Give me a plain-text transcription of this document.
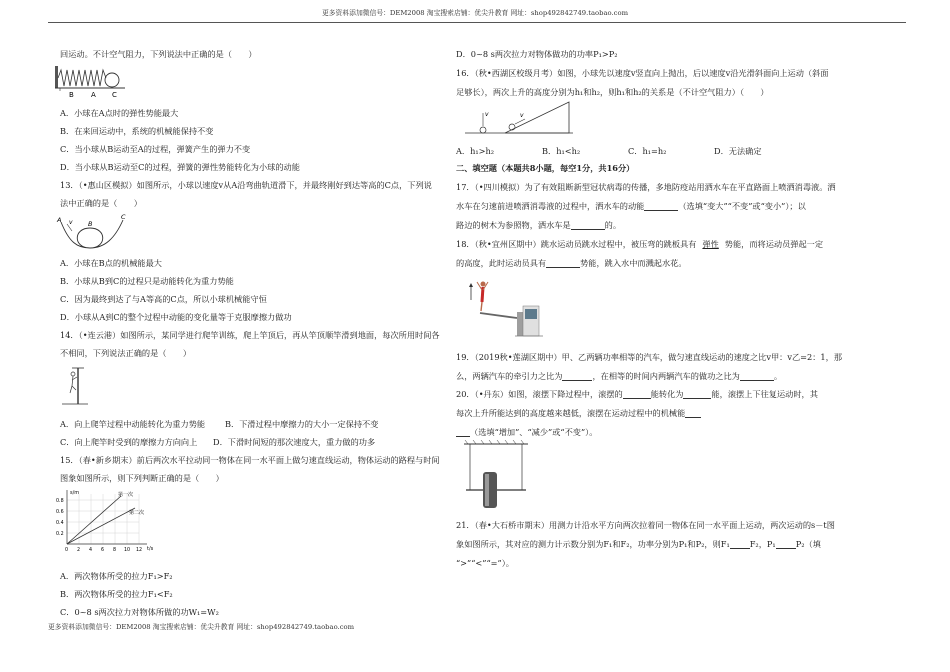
更多资料添加微信号：DEM2008 淘宝搜索店铺：优尖升教育 网址：shop492842749.taobao.com
回运动。不计空气阻力，下列说法中正确的是（　　）
B A C
A．小球在A点时的弹性势能最大
B．在来回运动中，系统的机械能保持不变
C．当小球从B运动至A的过程，弹簧产生的弹力不变
D．当小球从B运动至C的过程，弹簧的弹性势能转化为小球的动能
13．（•惠山区模拟）如图所示，小球以速度v从A沿弯曲轨道滑下，并最终刚好到达等高的C点，下列说
法中正确的是（　　）
A v B
C
A．小球在B点的机械能最大
B．小球从B到C的过程只是动能转化为重力势能
C．因为最终到达了与A等高的C点，所以小球机械能守恒
D．小球从A到C的整个过程中动能的变化量等于克服摩擦力做功
14．（•连云港）如图所示，某同学进行爬竿训练，爬上竿顶后，再从竿顶顺竿滑到地面，每次所用时间各
不相同，下列说法正确的是（　　）
A．向上爬竿过程中动能转化为重力势能 B．下滑过程中摩擦力的大小一定保持不变
C．向上爬竿时受到的摩擦力方向向上 D．下滑时间短的那次速度大，重力做的功多
15．（春•新乡期末）前后两次水平拉动同一物体在同一水平面上做匀速直线运动，物体运动的路程与时间
图象如图所示，则下列判断正确的是（　　）
s/m
t/s
第一次
第二次
0.8
0.6
0.4
0.2
0 2 4 6 8 10 12
A．两次物体所受的拉力F₁>F₂
B．两次物体所受的拉力F₁<F₂
C．0~8 s两次拉力对物体所做的功W₁=W₂
D．0~8 s两次拉力对物体做功的功率P₁>P₂
16．（秋•西湖区校级月考）如图，小球先以速度v竖直向上抛出，后以速度v沿光滑斜面向上运动（斜面
足够长），两次上升的高度分别为h₁和h₂，则h₁和h₂的关系是（不计空气阻力）（　　）
v	v
A．h₁>h₂	B．h₁<h₂	C．h₁=h₂	D．无法确定
二、填空题（本题共8小题，每空1分，共16分）
17．（•四川模拟）为了有效阻断新型冠状病毒的传播，多地防疫站用洒水车在平直路面上喷洒消毒液。洒
水车在匀速前进喷洒消毒液的过程中，洒水车的动能	（选填“变大”“不变”或“变小”）；以
路边的树木为参照物，洒水车是	的。
18．（秋•宜州区期中）跳水运动员跳水过程中，被压弯的跳板具有 弹性 势能，而将运动员弹起一定
的高度，此时运动员具有	势能，跳入水中而溅起水花。
19．（2019秋•莲湖区期中）甲、乙两辆功率相等的汽车，做匀速直线运动的速度之比v甲：v乙=2：1，那
么，两辆汽车的牵引力之比为	，在相等的时间内两辆汽车的做功之比为	。
20．（•丹东）如图，滚摆下降过程中，滚摆的	能转化为	能，滚摆上下往复运动时，其
每次上升所能达到的高度越来越低，滚摆在运动过程中的机械能
（选填“增加”、“减少”或“不变”）。
21．（春•大石桥市期末）用测力计沿水平方向两次拉着同一物体在同一水平面上运动，两次运动的s－t图
象如图所示，其对应的测力计示数分别为F₁和F₂，功率分别为P₁和P₂，则F₁ F₂，P₁ P₂（填
“>”“<”“=”）。
更多资料添加微信号：DEM2008 淘宝搜索店铺：优尖升教育 网址：shop492842749.taobao.com
